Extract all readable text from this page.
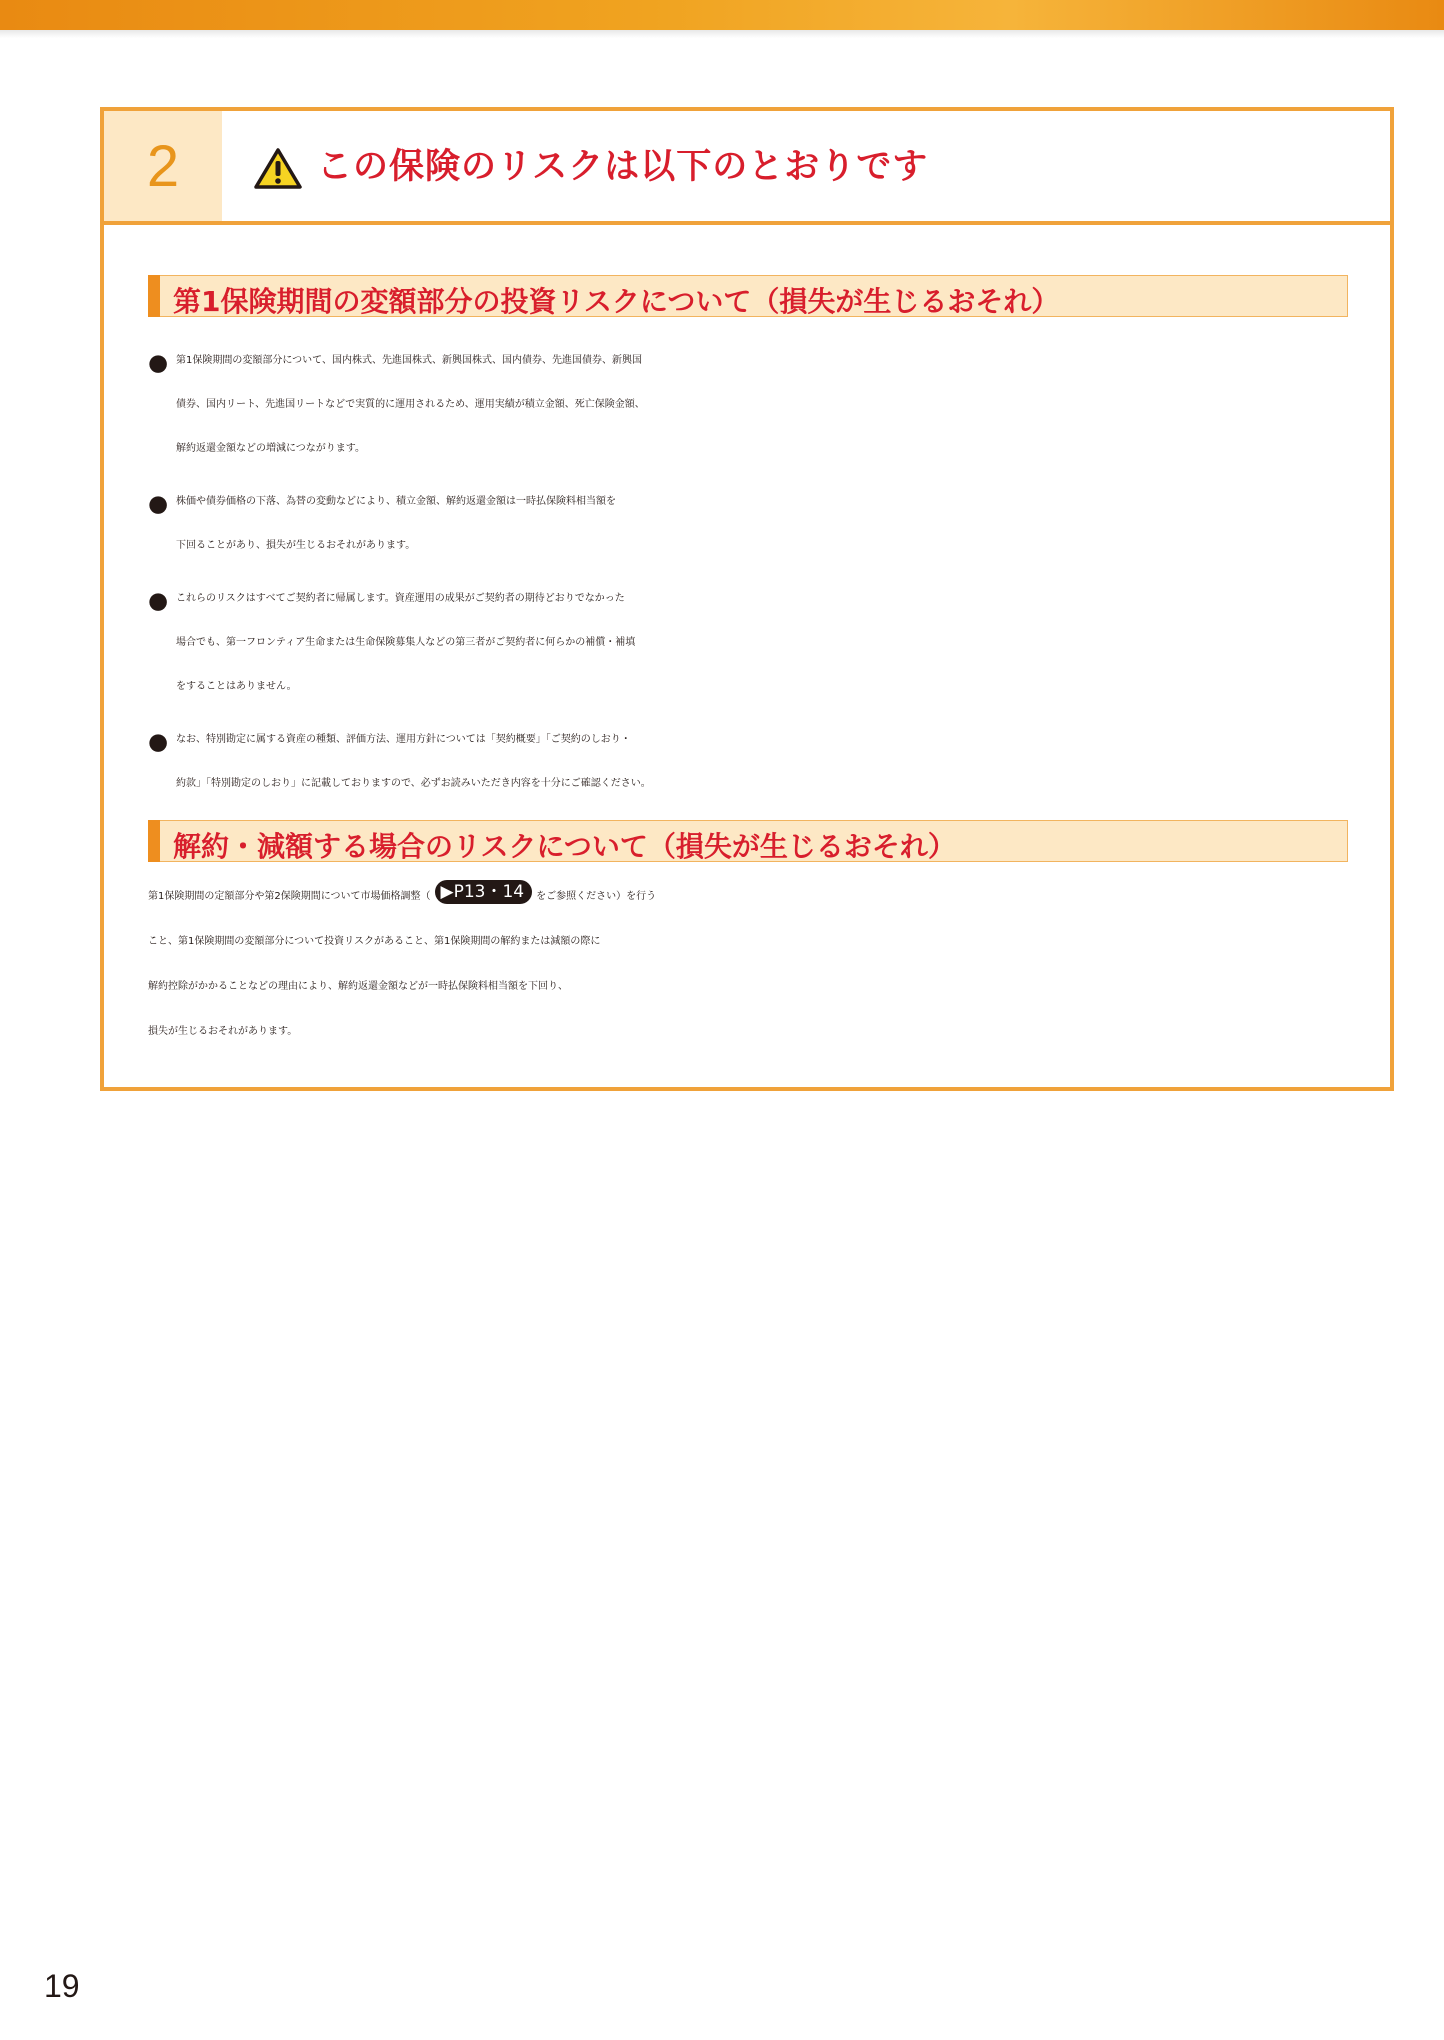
2	この保険のリスクは以下のとおりです
第1保険期間の変額部分の投資リスクについて（損失が生じるおそれ）
● 第1保険期間の変額部分について、国内株式、先進国株式、新興国株式、国内債券、先進国債券、新興国
債券、国内リート、先進国リートなどで実質的に運用されるため、運用実績が積立金額、死亡保険金額、
解約返還金額などの増減につながります。
● 株価や債券価格の下落、為替の変動などにより、積立金額、解約返還金額は一時払保険料相当額を
下回ることがあり、損失が生じるおそれがあります。
● これらのリスクはすべてご契約者に帰属します。資産運用の成果がご契約者の期待どおりでなかった
場合でも、第一フロンティア生命または生命保険募集人などの第三者がご契約者に何らかの補償・補填
をすることはありません。
● なお、特別勘定に属する資産の種類、評価方法、運用方針については「契約概要」「ご契約のしおり・
約款」「特別勘定のしおり」に記載しておりますので、必ずお読みいただき内容を十分にご確認ください。
解約・減額する場合のリスクについて（損失が生じるおそれ）
第1保険期間の定額部分や第2保険期間について市場価格調整（ ▶P13・14 をご参照ください）を行う
こと、第1保険期間の変額部分について投資リスクがあること、第1保険期間の解約または減額の際に
解約控除がかかることなどの理由により、解約返還金額などが一時払保険料相当額を下回り、
損失が生じるおそれがあります。
19
